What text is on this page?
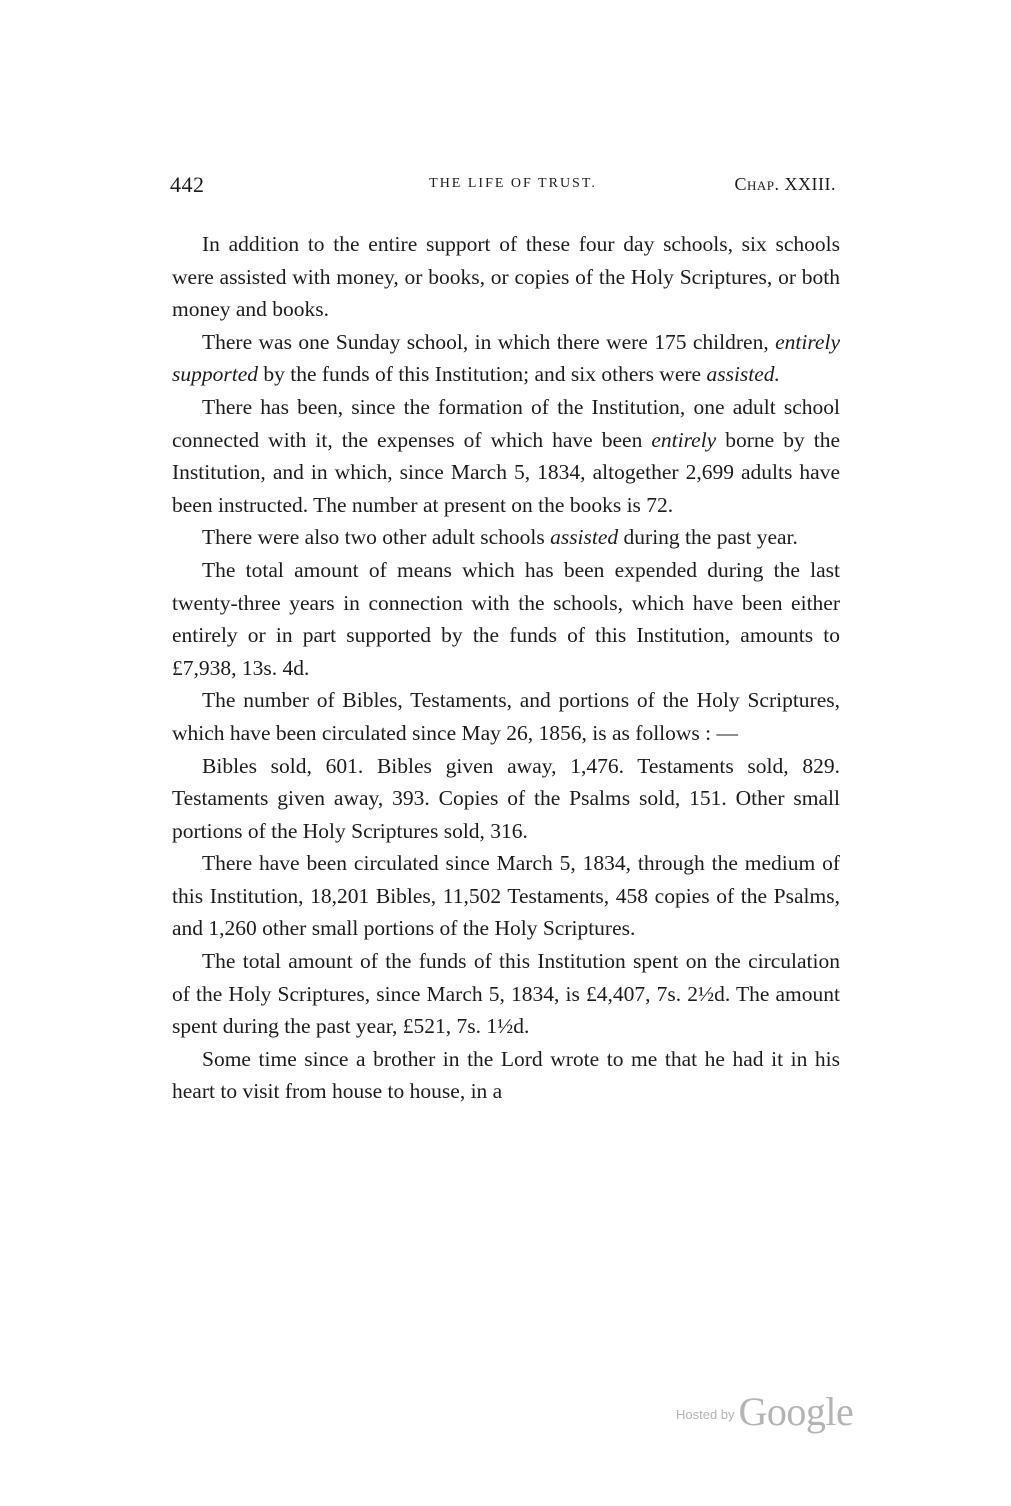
442	THE LIFE OF TRUST.	Chap. XXIII.

In addition to the entire support of these four day schools, six schools were assisted with money, or books, or copies of the Holy Scriptures, or both money and books.

There was one Sunday school, in which there were 175 children, entirely supported by the funds of this Institution; and six others were assisted.

There has been, since the formation of the Institution, one adult school connected with it, the expenses of which have been entirely borne by the Institution, and in which, since March 5, 1834, altogether 2,699 adults have been instructed. The number at present on the books is 72.

There were also two other adult schools assisted during the past year.

The total amount of means which has been expended during the last twenty-three years in connection with the schools, which have been either entirely or in part supported by the funds of this Institution, amounts to £7,938, 13s. 4d.

The number of Bibles, Testaments, and portions of the Holy Scriptures, which have been circulated since May 26, 1856, is as follows : —

Bibles sold, 601. Bibles given away, 1,476. Testaments sold, 829. Testaments given away, 393. Copies of the Psalms sold, 151. Other small portions of the Holy Scriptures sold, 316.

There have been circulated since March 5, 1834, through the medium of this Institution, 18,201 Bibles, 11,502 Testaments, 458 copies of the Psalms, and 1,260 other small portions of the Holy Scriptures.

The total amount of the funds of this Institution spent on the circulation of the Holy Scriptures, since March 5, 1834, is £4,407, 7s. 2½d. The amount spent during the past year, £521, 7s. 1½d.

Some time since a brother in the Lord wrote to me that he had it in his heart to visit from house to house, in a

$^{Hosted by}$ Google
